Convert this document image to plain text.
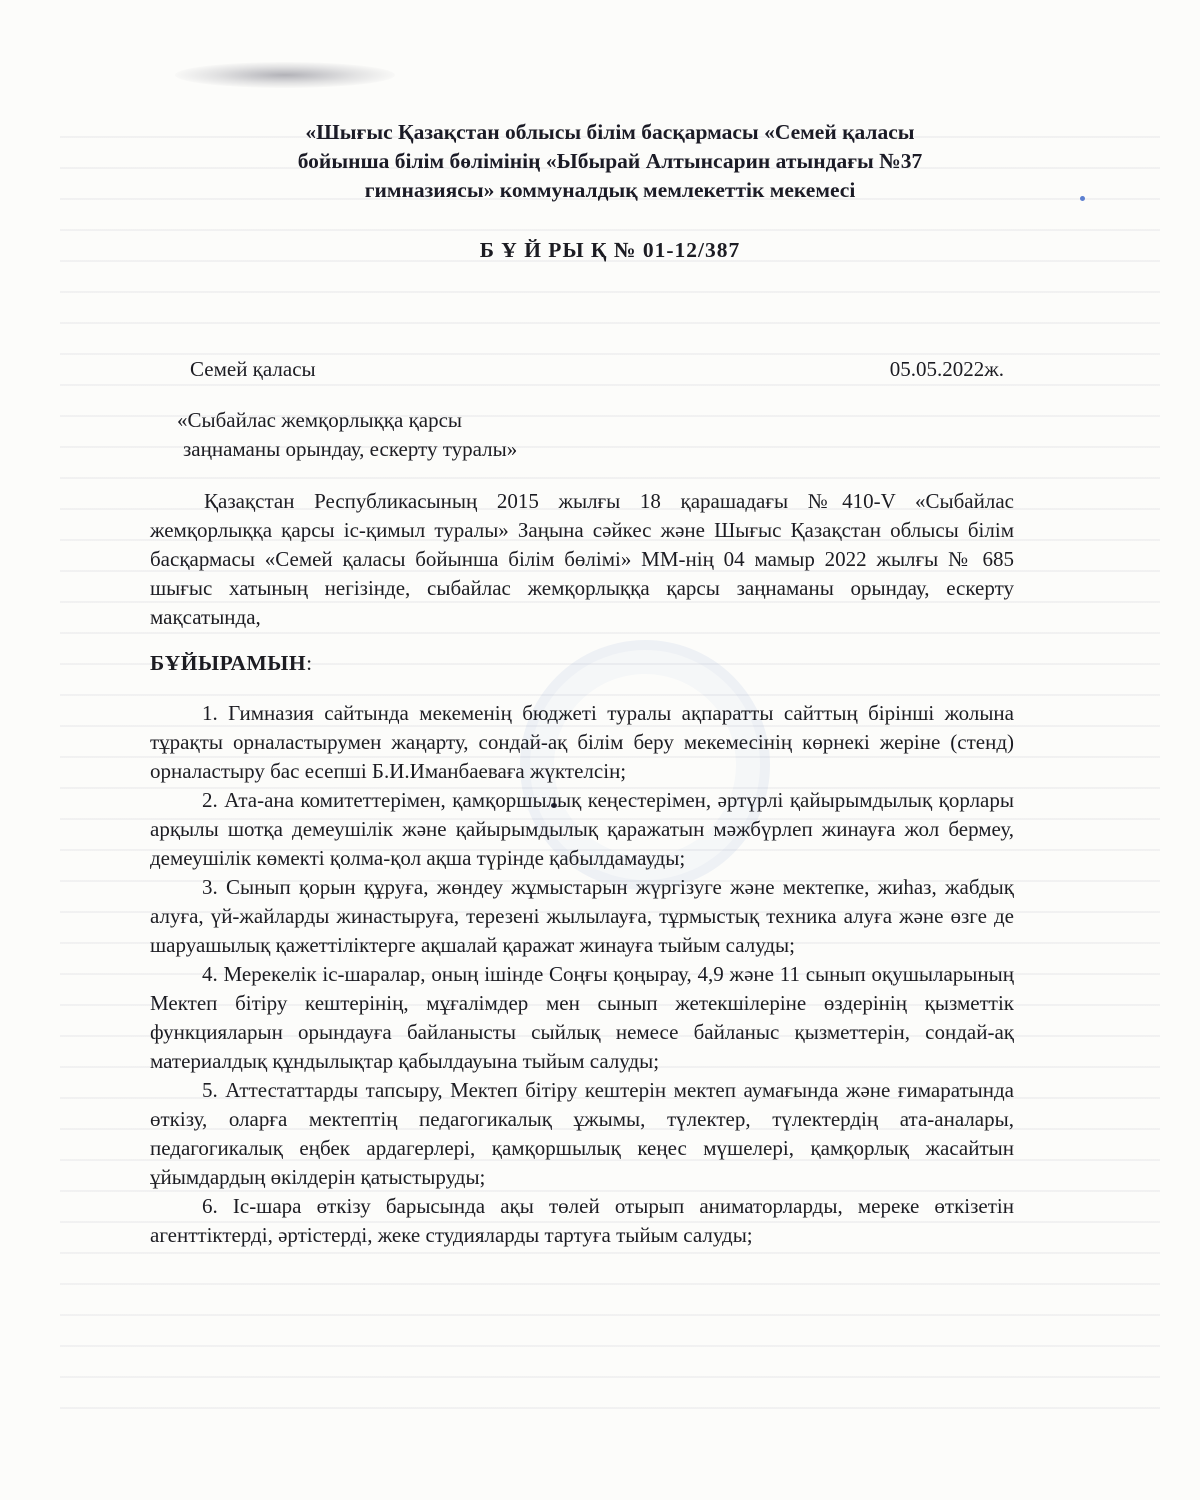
«Шығыс Қазақстан облысы білім басқармасы «Семей қаласы
бойынша білім бөлімінің «Ыбырай Алтынсарин атындағы №37
гимназиясы» коммуналдық мемлекеттік мекемесі
Б Ұ Й РЫ Қ № 01-12/387
Семей қаласы	05.05.2022ж.
«Сыбайлас жемқорлыққа қарсы
заңнаманы орындау, ескерту туралы»

Қазақстан Республикасының 2015 жылғы 18 қарашадағы №410-V «Сыбайлас жемқорлыққа қарсы іс-қимыл туралы» Заңына сәйкес және Шығыс Қазақстан облысы білім басқармасы «Семей қаласы бойынша білім бөлімі» ММ-нің 04 мамыр 2022 жылғы № 685 шығыс хатының негізінде, сыбайлас жемқорлыққа қарсы заңнаманы орындау, ескерту мақсатында,

БҰЙЫРАМЫН:

1. Гимназия сайтында мекеменің бюджеті туралы ақпаратты сайттың бірінші жолына тұрақты орналастырумен жаңарту, сондай-ақ білім беру мекемесінің көрнекі жеріне (стенд) орналастыру бас есепші Б.И.Иманбаеваға жүктелсін;

2. Ата-ана комитеттерімен, қамқоршылық кеңестерімен, әртүрлі қайырымдылық қорлары арқылы шотқа демеушілік және қайырымдылық қаражатын мәжбүрлеп жинауға жол бермеу, демеушілік көмекті қолма-қол ақша түрінде қабылдамауды;

3. Сынып қорын құруға, жөндеу жұмыстарын жүргізуге және мектепке, жиһаз, жабдық алуға, үй-жайларды жинастыруға, терезені жылылауға, тұрмыстық техника алуға және өзге де шаруашылық қажеттіліктерге ақшалай қаражат жинауға тыйым салуды;

4. Мерекелік іс-шаралар, оның ішінде Соңғы қоңырау, 4,9 және 11 сынып оқушыларының Мектеп бітіру кештерінің, мұғалімдер мен сынып жетекшілеріне өздерінің қызметтік функцияларын орындауға байланысты сыйлық немесе байланыс қызметтерін, сондай-ақ материалдық құндылықтар қабылдауына тыйым салуды;

5. Аттестаттарды тапсыру, Мектеп бітіру кештерін мектеп аумағында және ғимаратында өткізу, оларға мектептің педагогикалық ұжымы, түлектер, түлектердің ата-аналары, педагогикалық еңбек ардагерлері, қамқоршылық кеңес мүшелері, қамқорлық жасайтын ұйымдардың өкілдерін қатыстыруды;

6. Іс-шара өткізу барысында ақы төлей отырып аниматорларды, мереке өткізетін агенттіктерді, әртістерді, жеке студияларды тартуға тыйым салуды;
